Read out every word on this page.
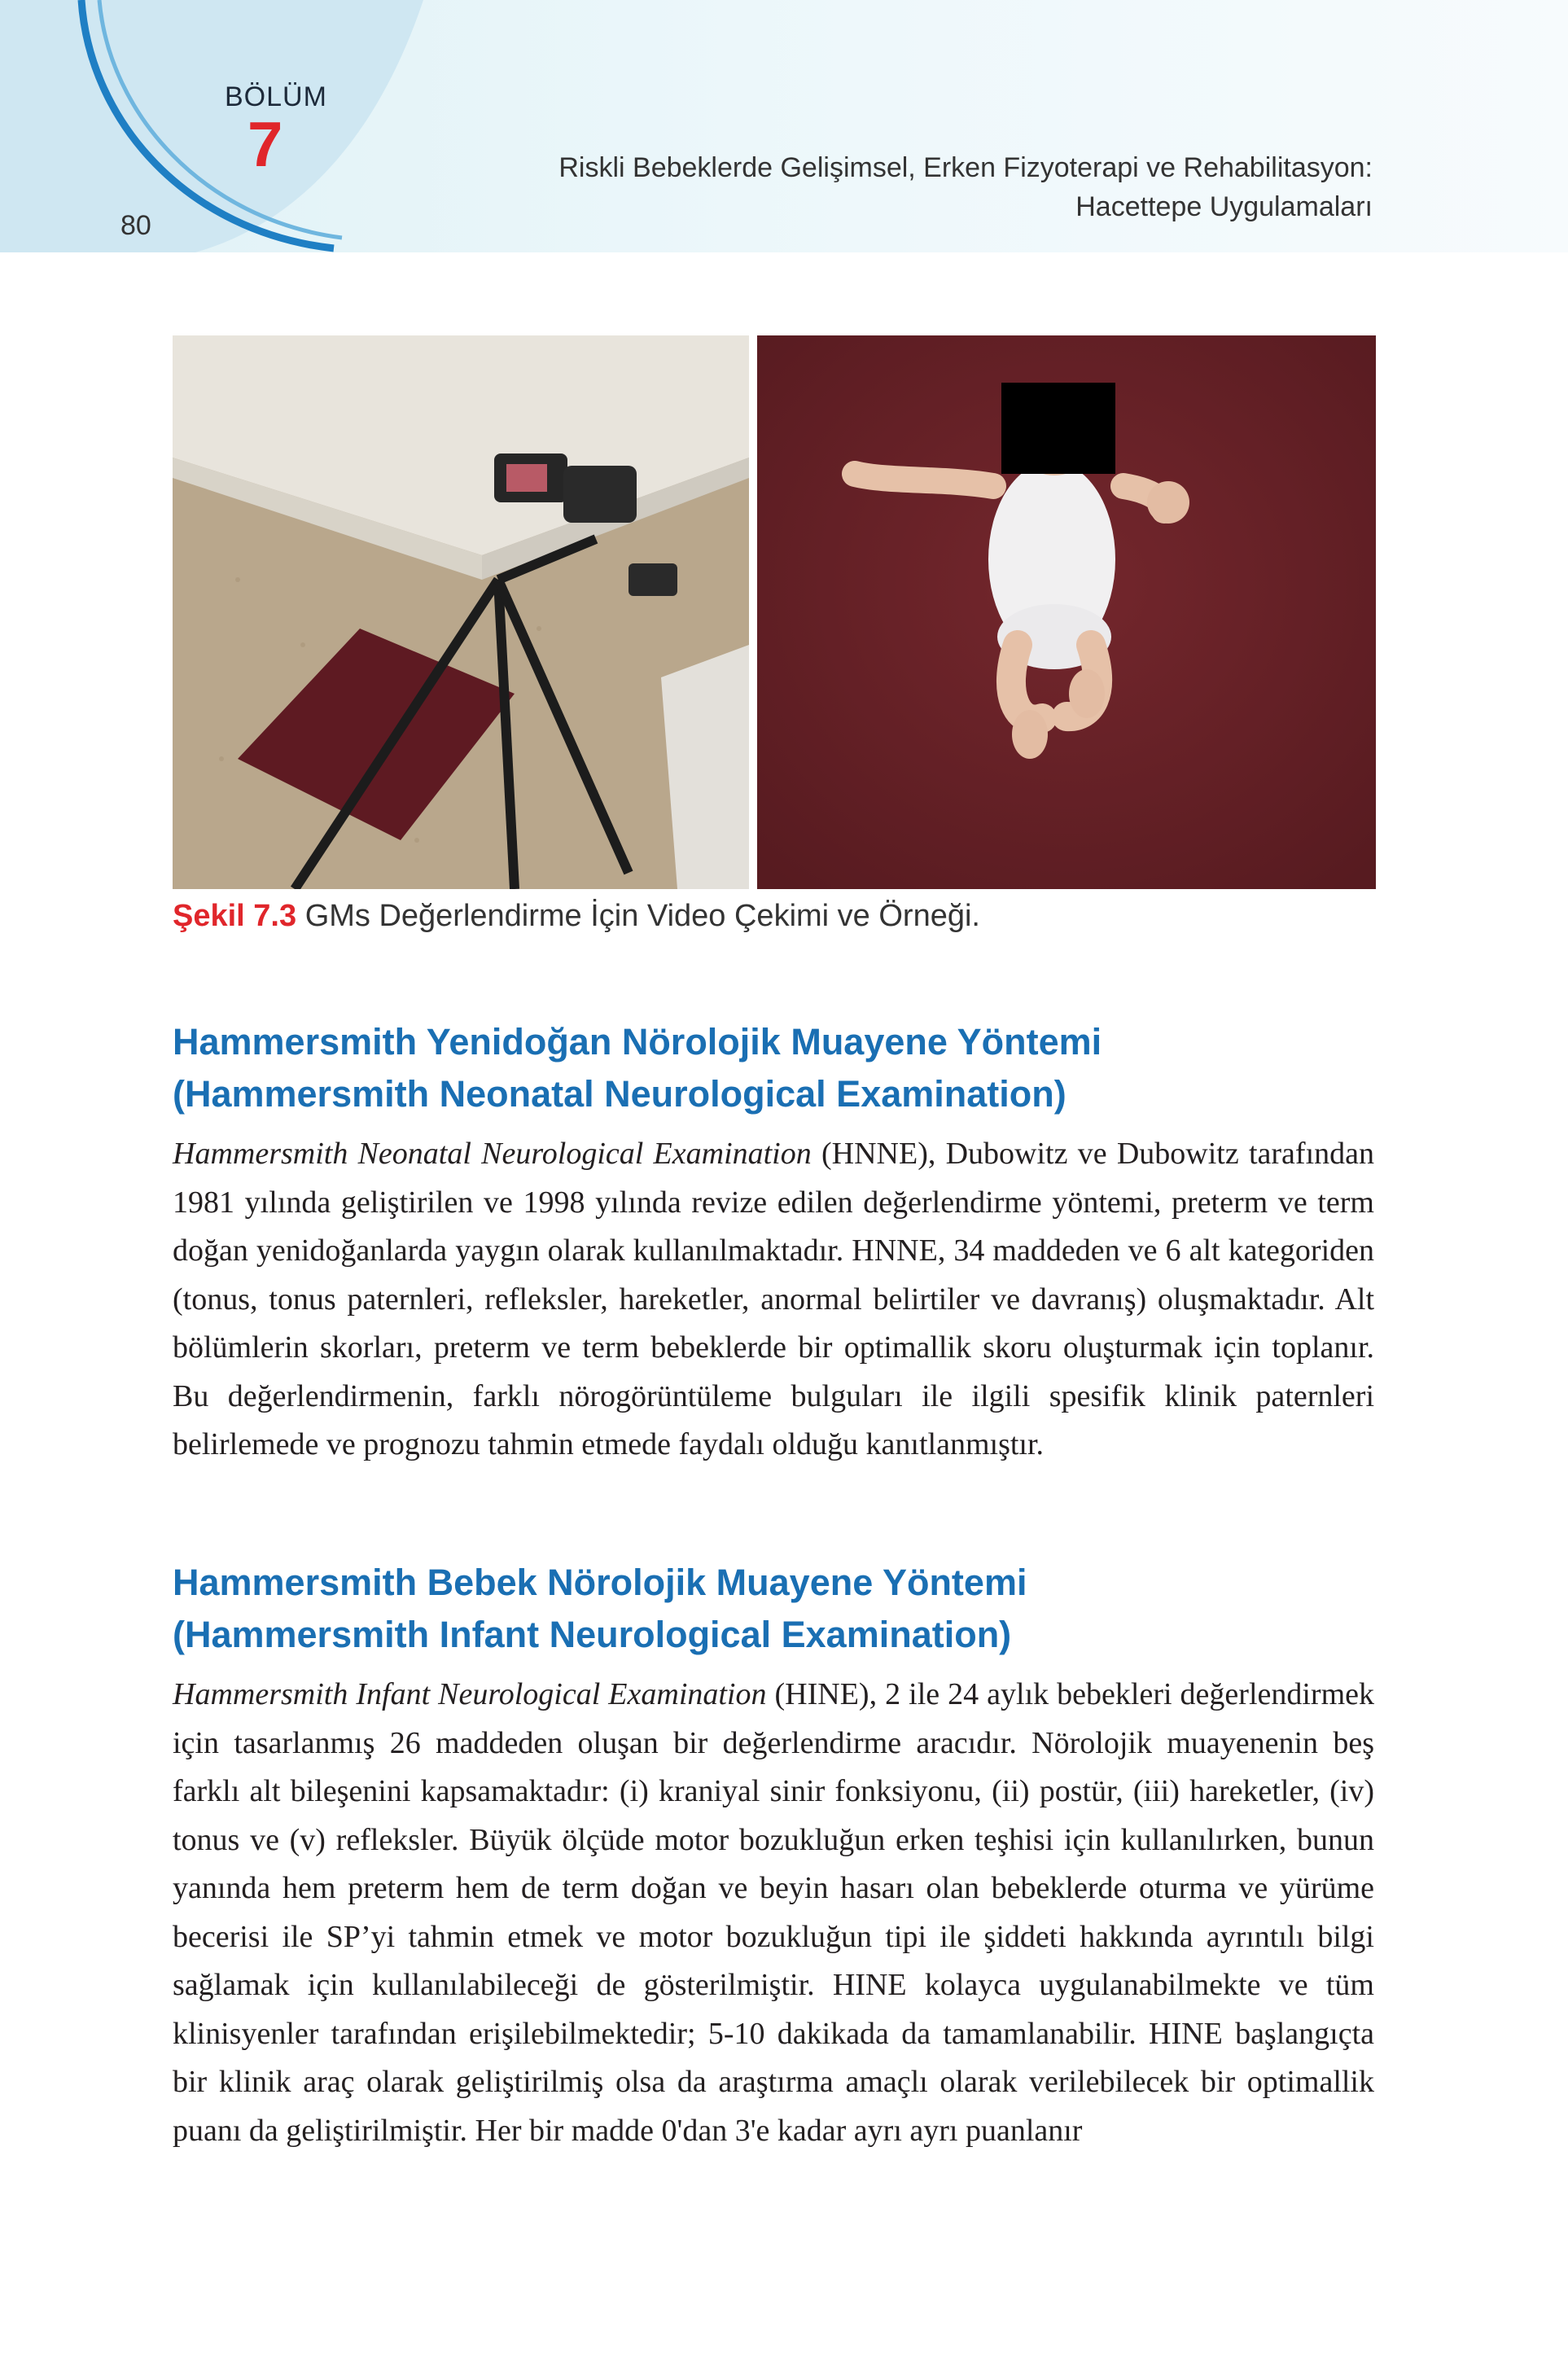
BÖLÜM
7
80
Riskli Bebeklerde Gelişimsel, Erken Fizyoterapi ve Rehabilitasyon:
Hacettepe Uygulamaları
Şekil 7.3 GMs Değerlendirme İçin Video Çekimi ve Örneği.
Hammersmith Yenidoğan Nörolojik Muayene Yöntemi
(Hammersmith Neonatal Neurological Examination)

Hammersmith Neonatal Neurological Examination (HNNE), Dubowitz ve Dubowitz tarafından 1981 yılında geliştirilen ve 1998 yılında revize edilen değerlendirme yöntemi, preterm ve term doğan yenidoğanlarda yaygın olarak kullanılmaktadır. HNNE, 34 maddeden ve 6 alt kategoriden (tonus, tonus paternleri, refleksler, hareketler, anormal belirtiler ve davranış) oluşmaktadır. Alt bölümlerin skorları, preterm ve term bebeklerde bir optimallik skoru oluşturmak için toplanır. Bu değerlendirmenin, farklı nörogörüntüleme bulguları ile ilgili spesifik klinik paternleri belirlemede ve prognozu tahmin etmede faydalı olduğu kanıtlanmıştır.

Hammersmith Bebek Nörolojik Muayene Yöntemi
(Hammersmith Infant Neurological Examination)

Hammersmith Infant Neurological Examination (HINE), 2 ile 24 aylık bebekleri değerlendirmek için tasarlanmış 26 maddeden oluşan bir değerlendirme aracıdır. Nörolojik muayenenin beş farklı alt bileşenini kapsamaktadır: (i) kraniyal sinir fonksiyonu, (ii) postür, (iii) hareketler, (iv) tonus ve (v) refleksler. Büyük ölçüde motor bozukluğun erken teşhisi için kullanılırken, bunun yanında hem preterm hem de term doğan ve beyin hasarı olan bebeklerde oturma ve yürüme becerisi ile SP’yi tahmin etmek ve motor bozukluğun tipi ile şiddeti hakkında ayrıntılı bilgi sağlamak için kullanılabileceği de gösterilmiştir. HINE kolayca uygulanabilmekte ve tüm klinisyenler tarafından erişilebilmektedir; 5-10 dakikada da tamamlanabilir. HINE başlangıçta bir klinik araç olarak geliştirilmiş olsa da araştırma amaçlı olarak verilebilecek bir optimallik puanı da geliştirilmiştir. Her bir madde 0'dan 3'e kadar ayrı ayrı puanlanır
